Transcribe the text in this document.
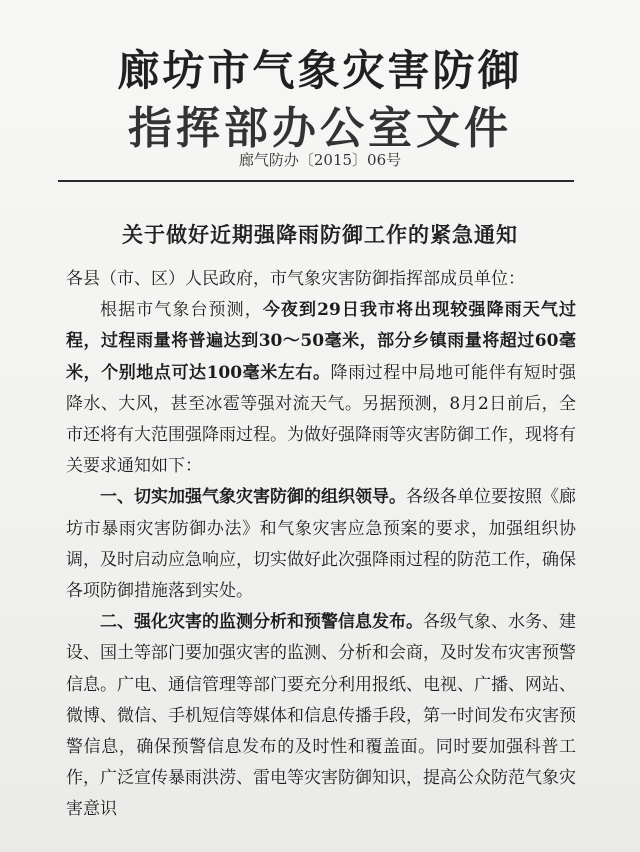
廊坊市气象灾害防御
指挥部办公室文件
廊气防办〔2015〕06号
关于做好近期强降雨防御工作的紧急通知

各县（市、区）人民政府，市气象灾害防御指挥部成员单位：

根据市气象台预测，今夜到29日我市将出现较强降雨天气过程，过程雨量将普遍达到30～50毫米，部分乡镇雨量将超过60毫米，个别地点可达100毫米左右。降雨过程中局地可能伴有短时强降水、大风，甚至冰雹等强对流天气。另据预测，8月2日前后，全市还将有大范围强降雨过程。为做好强降雨等灾害防御工作，现将有关要求通知如下：

一、切实加强气象灾害防御的组织领导。各级各单位要按照《廊坊市暴雨灾害防御办法》和气象灾害应急预案的要求，加强组织协调，及时启动应急响应，切实做好此次强降雨过程的防范工作，确保各项防御措施落到实处。

二、强化灾害的监测分析和预警信息发布。各级气象、水务、建设、国土等部门要加强灾害的监测、分析和会商，及时发布灾害预警信息。广电、通信管理等部门要充分利用报纸、电视、广播、网站、微博、微信、手机短信等媒体和信息传播手段，第一时间发布灾害预警信息，确保预警信息发布的及时性和覆盖面。同时要加强科普工作，广泛宣传暴雨洪涝、雷电等灾害防御知识，提高公众防范气象灾害意识
